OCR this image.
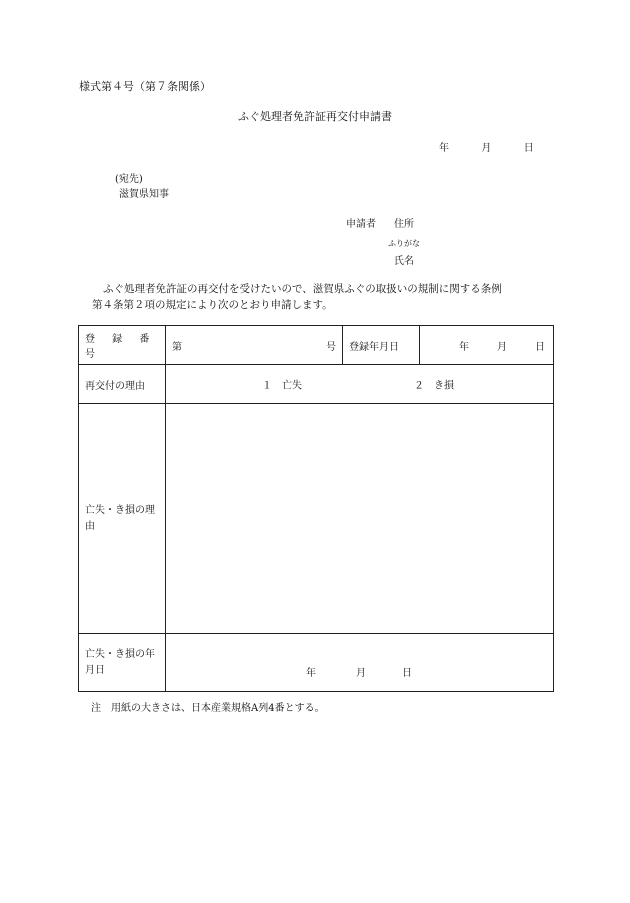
様式第４号（第７条関係）
ふぐ処理者免許証再交付申請書
年	月	日
(宛先)
滋賀県知事
申請者 住所
ふりがな
氏名
ふぐ処理者免許証の再交付を受けたいので、滋賀県ふぐの取扱いの規制に関する条例
第４条第２項の規定により次のとおり申請します。
登 録 番 号	第 号	登録年月日	年 月 日

再交付の理由	１　亡失 ２　き損		

亡失・き損の理由			
亡失・き損の年月日	年 月 日		
注　用紙の大きさは、日本産業規格A列4番とする。
